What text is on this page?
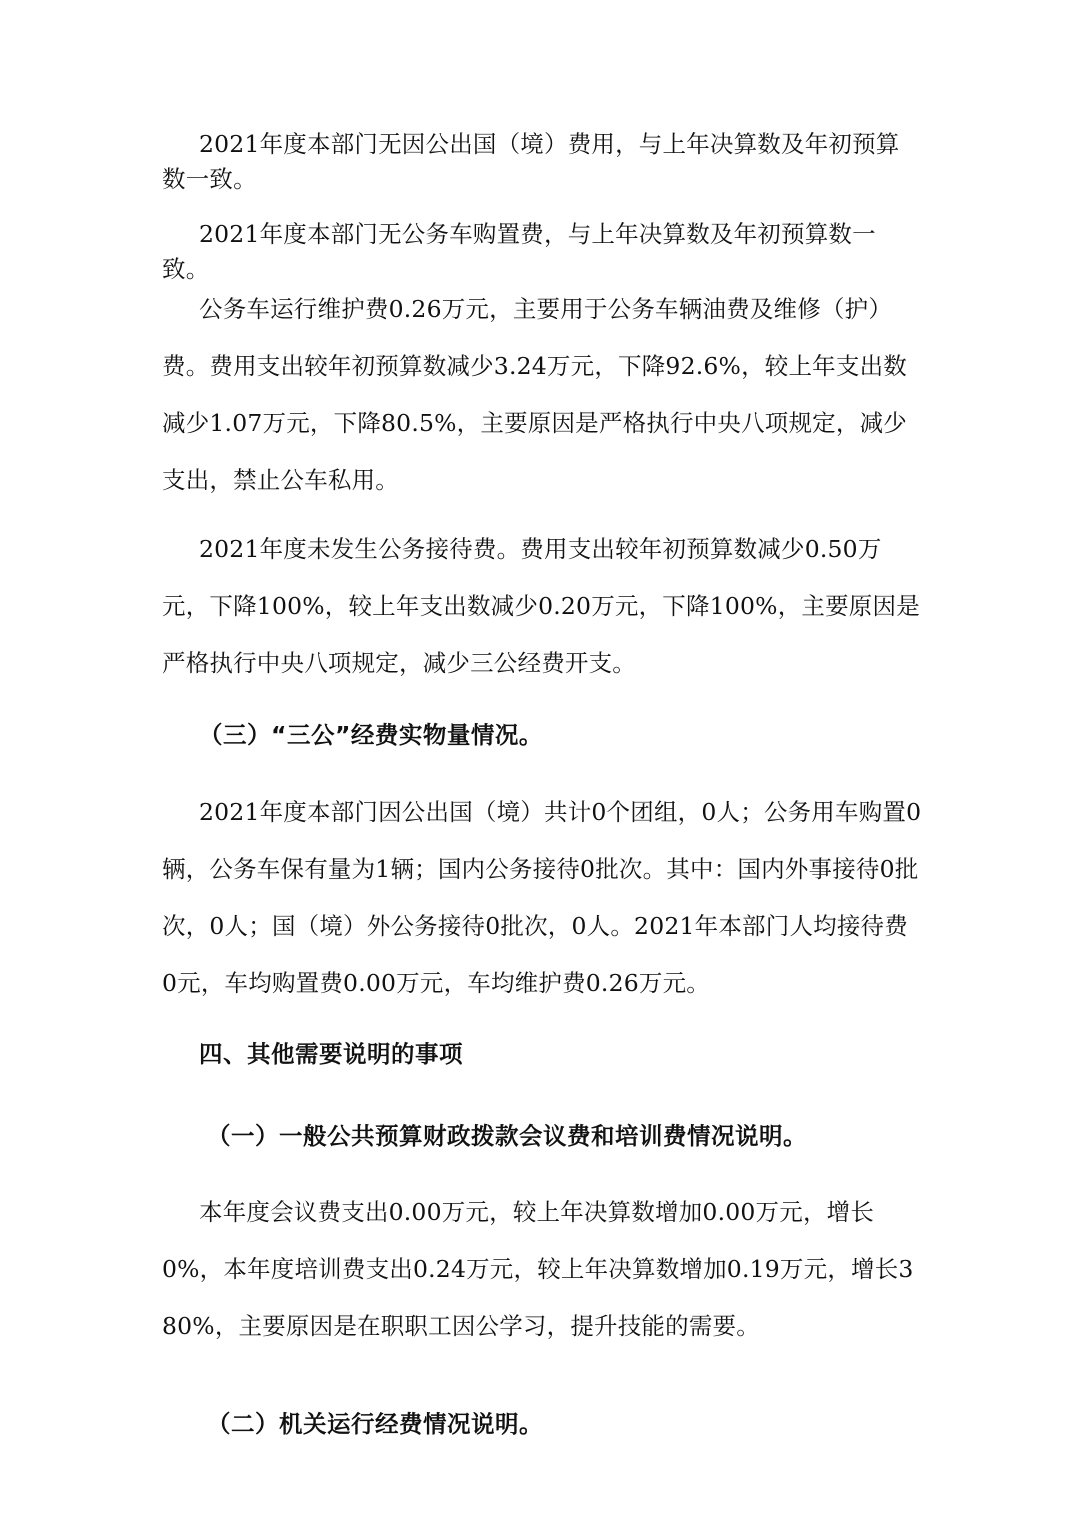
2021年度本部门无因公出国（境）费用，与上年决算数及年初预算数一致。

2021年度本部门无公务车购置费，与上年决算数及年初预算数一致。

公务车运行维护费0.26万元，主要用于公务车辆油费及维修（护）费。费用支出较年初预算数减少3.24万元，下降92.6%，较上年支出数减少1.07万元，下降80.5%，主要原因是严格执行中央八项规定，减少支出，禁止公车私用。

2021年度未发生公务接待费。费用支出较年初预算数减少0.50万元，下降100%，较上年支出数减少0.20万元，下降100%，主要原因是严格执行中央八项规定，减少三公经费开支。

（三）“三公”经费实物量情况。

2021年度本部门因公出国（境）共计0个团组，0人；公务用车购置0辆，公务车保有量为1辆；国内公务接待0批次。其中：国内外事接待0批次，0人；国（境）外公务接待0批次，0人。2021年本部门人均接待费0元，车均购置费0.00万元，车均维护费0.26万元。

四、其他需要说明的事项
（一）一般公共预算财政拨款会议费和培训费情况说明。

本年度会议费支出0.00万元，较上年决算数增加0.00万元，增长0%，本年度培训费支出0.24万元，较上年决算数增加0.19万元，增长380%，主要原因是在职职工因公学习，提升技能的需要。

（二）机关运行经费情况说明。
